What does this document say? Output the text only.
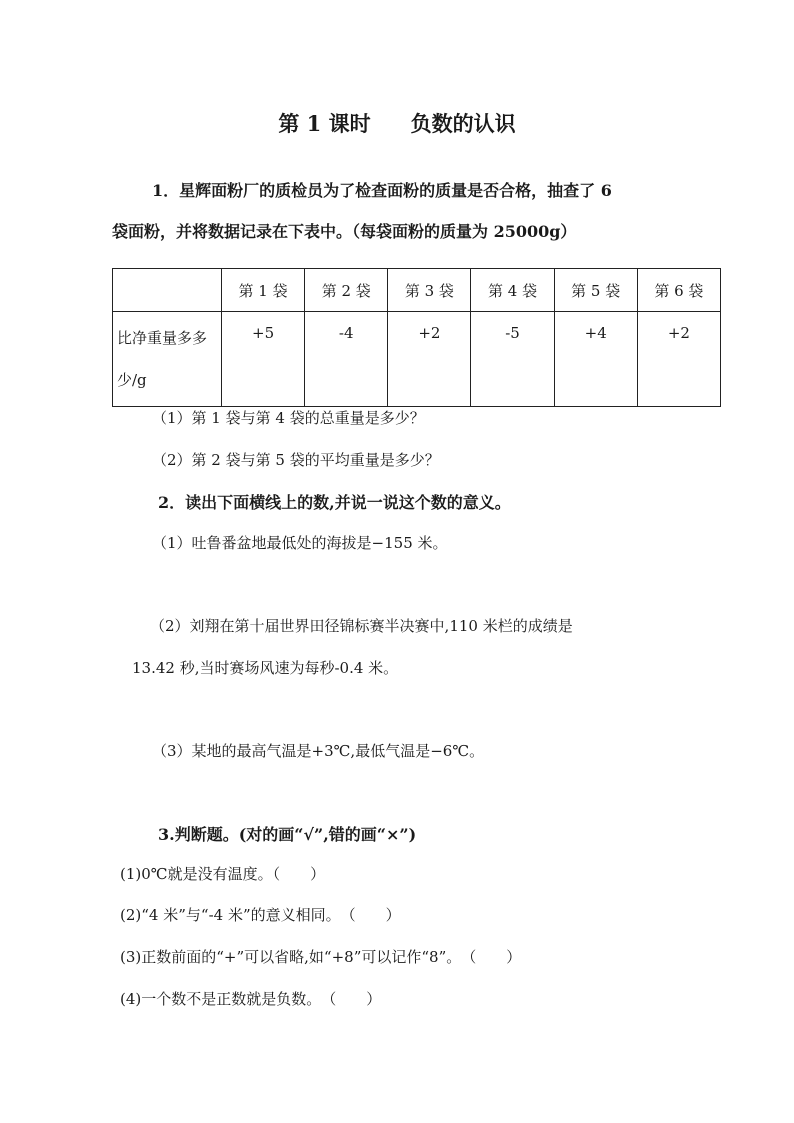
第 1 课时 负数的认识
1．星辉面粉厂的质检员为了检查面粉的质量是否合格，抽查了 6
袋面粉，并将数据记录在下表中。（每袋面粉的质量为 25000g）
	第 1 袋	第 2 袋	第 3 袋	第 4 袋	第 5 袋	第 6 袋
比净重量多多少/g	+5	-4	+2	-5	+4	+2
（1）第 1 袋与第 4 袋的总重量是多少？
（2）第 2 袋与第 5 袋的平均重量是多少？
2．读出下面横线上的数,并说一说这个数的意义。
（1）吐鲁番盆地最低处的海拔是−155 米。
（2）刘翔在第十届世界田径锦标赛半决赛中,110 米栏的成绩是
13.42 秒,当时赛场风速为每秒-0.4 米。
（3）某地的最高气温是+3℃,最低气温是−6℃。
3.判断题。(对的画“√”,错的画“×”)
(1)0℃就是没有温度。（　　）
(2)“4 米”与“-4 米”的意义相同。　（　　）
(3)正数前面的“+”可以省略,如“+8”可以记作“8”。　（　　）
(4)一个数不是正数就是负数。　（　　）
